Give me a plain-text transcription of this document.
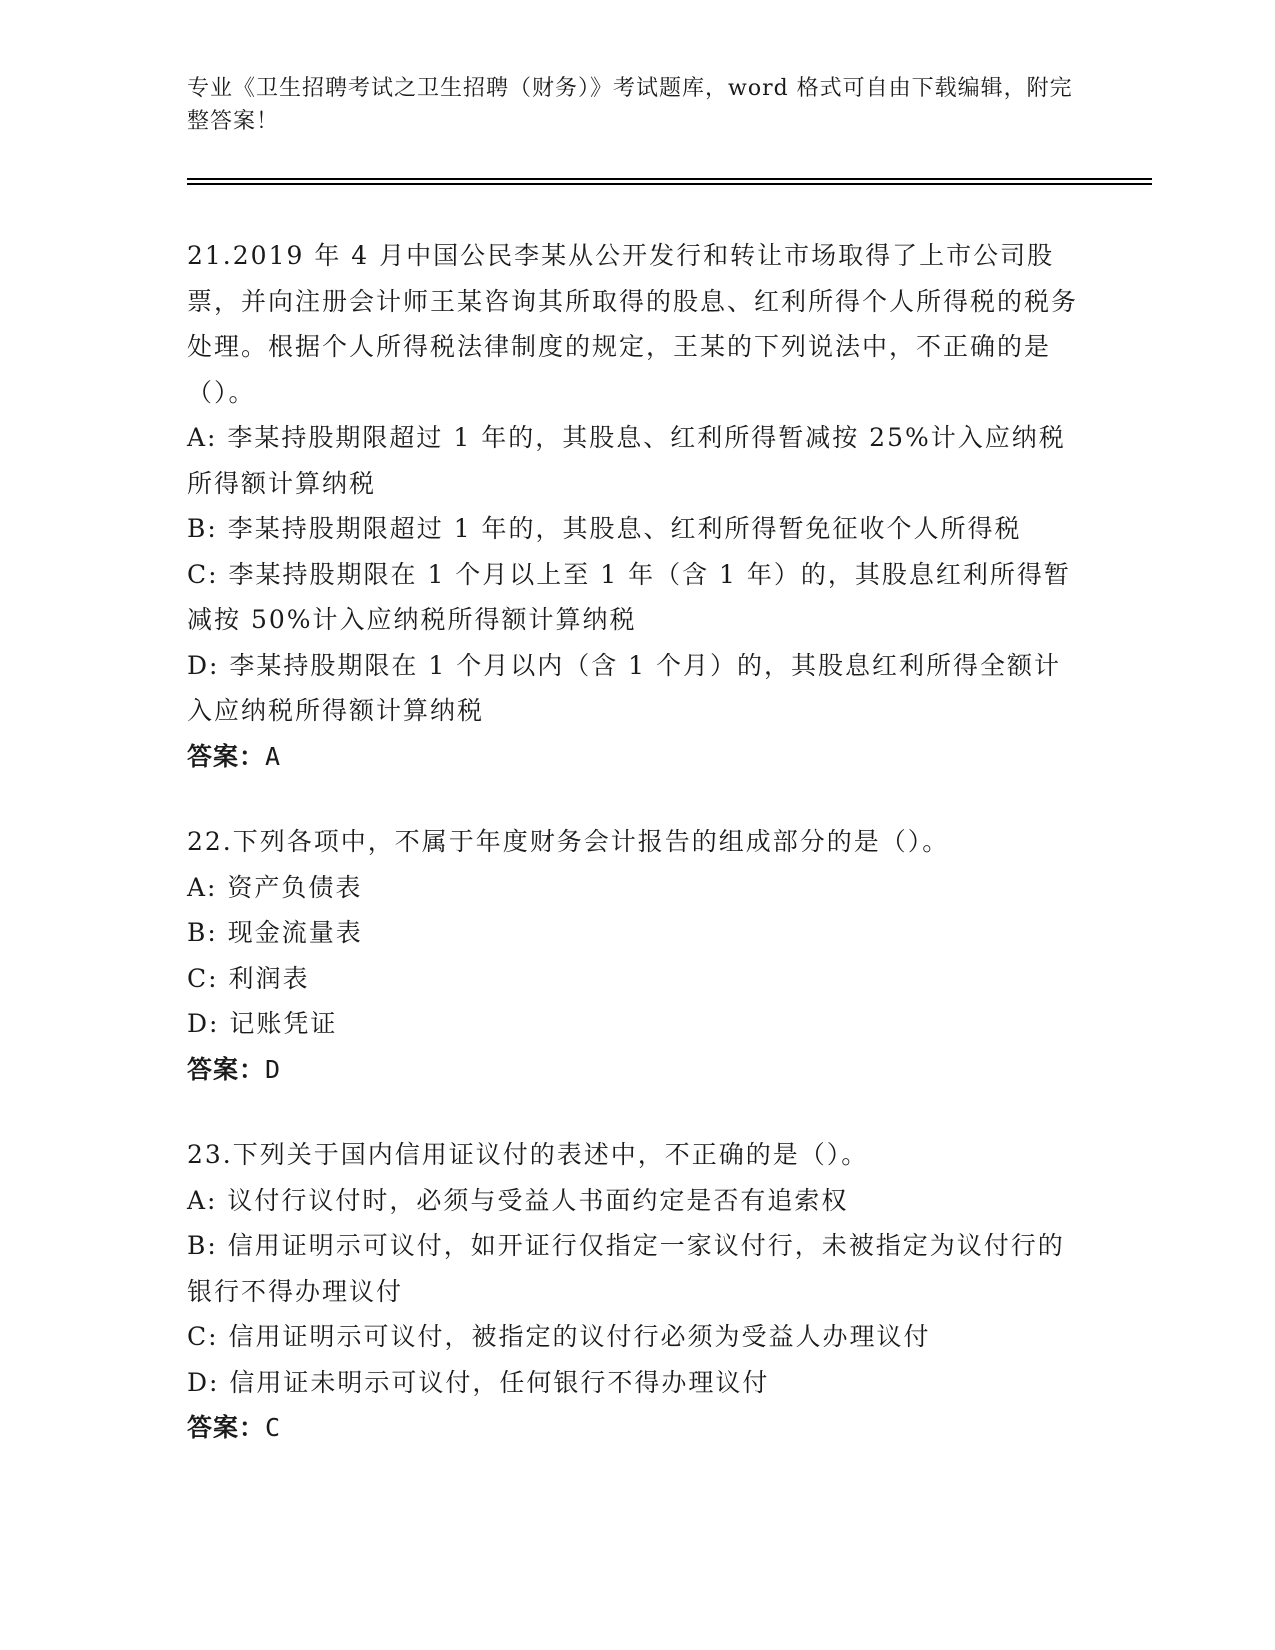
专业《卫生招聘考试之卫生招聘（财务）》考试题库，word 格式可自由下载编辑，附完整答案！

21.2019 年 4 月中国公民李某从公开发行和转让市场取得了上市公司股票，并向注册会计师王某咨询其所取得的股息、红利所得个人所得税的税务处理。根据个人所得税法律制度的规定，王某的下列说法中，不正确的是（）。

A: 李某持股期限超过 1 年的，其股息、红利所得暂减按 25%计入应纳税所得额计算纳税

B: 李某持股期限超过 1 年的，其股息、红利所得暂免征收个人所得税

C: 李某持股期限在 1 个月以上至 1 年（含 1 年）的，其股息红利所得暂减按 50%计入应纳税所得额计算纳税

D: 李某持股期限在 1 个月以内（含 1 个月）的，其股息红利所得全额计入应纳税所得额计算纳税

答案：A

22.下列各项中，不属于年度财务会计报告的组成部分的是（）。

A: 资产负债表

B: 现金流量表

C: 利润表

D: 记账凭证

答案：D

23.下列关于国内信用证议付的表述中，不正确的是（）。

A: 议付行议付时，必须与受益人书面约定是否有追索权

B: 信用证明示可议付，如开证行仅指定一家议付行，未被指定为议付行的银行不得办理议付

C: 信用证明示可议付，被指定的议付行必须为受益人办理议付

D: 信用证未明示可议付，任何银行不得办理议付

答案：C
